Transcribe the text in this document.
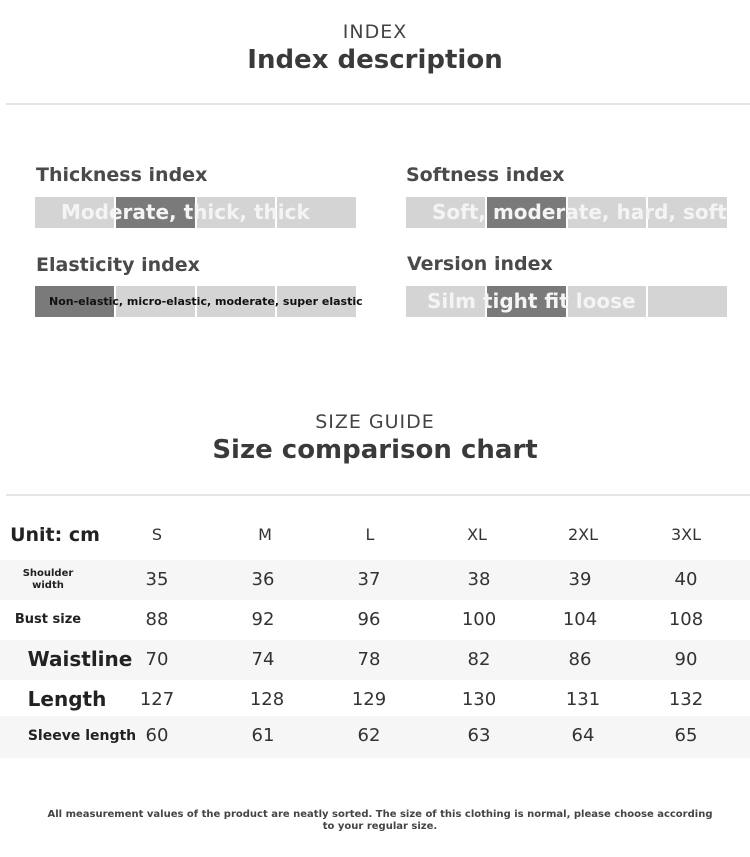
INDEX
Index description
Thickness index
Moderate, thick, thick
Softness index
Soft, moderate, hard, soft
Elasticity index
Non-elastic, micro-elastic, moderate, super elastic
Version index
Silm tight fit loose
SIZE GUIDE
Size comparison chart
Unit: cm	S	M	L	XL	2XL	3XL
Shoulder width	35	36	37	38	39	40
Bust size	88	92	96	100	104	108
Waistline 70	74	78	82	86	90
Length	127	128	129	130	131	132
Sleeve length 60	61	62	63	64	65
All measurement values of the product are neatly sorted. The size of this clothing is normal, please choose according to your regular size.
